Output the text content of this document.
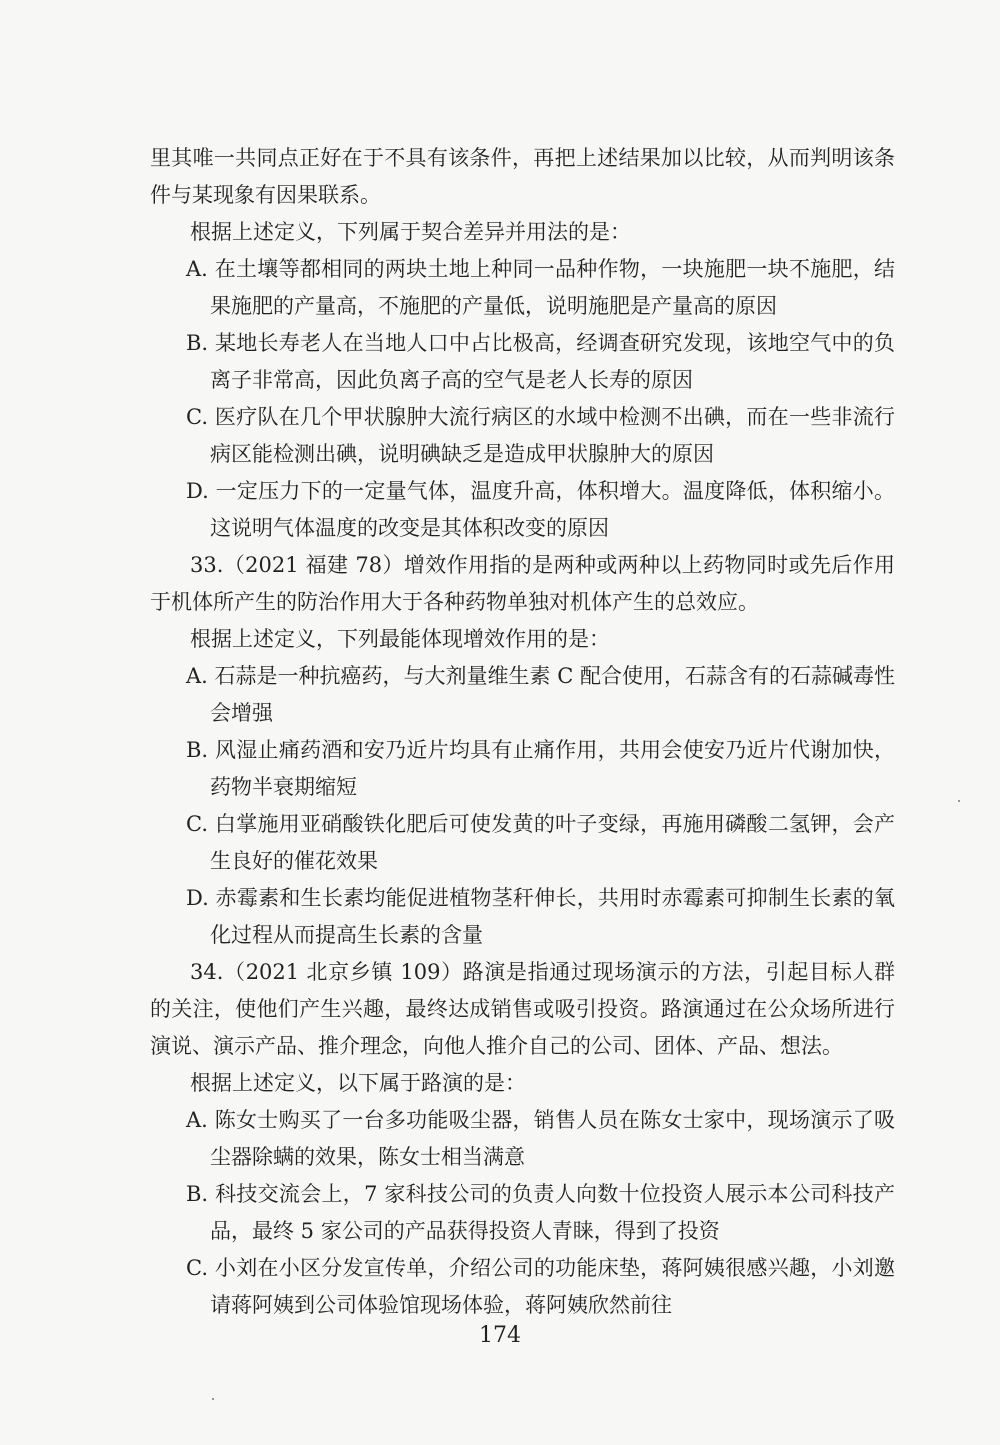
里其唯一共同点正好在于不具有该条件，再把上述结果加以比较，从而判明该条件与某现象有因果联系。

根据上述定义，下列属于契合差异并用法的是：

A. 在土壤等都相同的两块土地上种同一品种作物，一块施肥一块不施肥，结果施肥的产量高，不施肥的产量低，说明施肥是产量高的原因

B. 某地长寿老人在当地人口中占比极高，经调查研究发现，该地空气中的负离子非常高，因此负离子高的空气是老人长寿的原因

C. 医疗队在几个甲状腺肿大流行病区的水域中检测不出碘，而在一些非流行病区能检测出碘，说明碘缺乏是造成甲状腺肿大的原因

D. 一定压力下的一定量气体，温度升高，体积增大。温度降低，体积缩小。这说明气体温度的改变是其体积改变的原因

33.（2021 福建 78）增效作用指的是两种或两种以上药物同时或先后作用于机体所产生的防治作用大于各种药物单独对机体产生的总效应。

根据上述定义，下列最能体现增效作用的是：

A. 石蒜是一种抗癌药，与大剂量维生素 C 配合使用，石蒜含有的石蒜碱毒性会增强

B. 风湿止痛药酒和安乃近片均具有止痛作用，共用会使安乃近片代谢加快，药物半衰期缩短

C. 白掌施用亚硝酸铁化肥后可使发黄的叶子变绿，再施用磷酸二氢钾，会产生良好的催花效果

D. 赤霉素和生长素均能促进植物茎秆伸长，共用时赤霉素可抑制生长素的氧化过程从而提高生长素的含量

34.（2021 北京乡镇 109）路演是指通过现场演示的方法，引起目标人群的关注，使他们产生兴趣，最终达成销售或吸引投资。路演通过在公众场所进行演说、演示产品、推介理念，向他人推介自己的公司、团体、产品、想法。

根据上述定义，以下属于路演的是：

A. 陈女士购买了一台多功能吸尘器，销售人员在陈女士家中，现场演示了吸尘器除螨的效果，陈女士相当满意

B. 科技交流会上，7 家科技公司的负责人向数十位投资人展示本公司科技产品，最终 5 家公司的产品获得投资人青睐，得到了投资

C. 小刘在小区分发宣传单，介绍公司的功能床垫，蒋阿姨很感兴趣，小刘邀请蒋阿姨到公司体验馆现场体验，蒋阿姨欣然前往

174
